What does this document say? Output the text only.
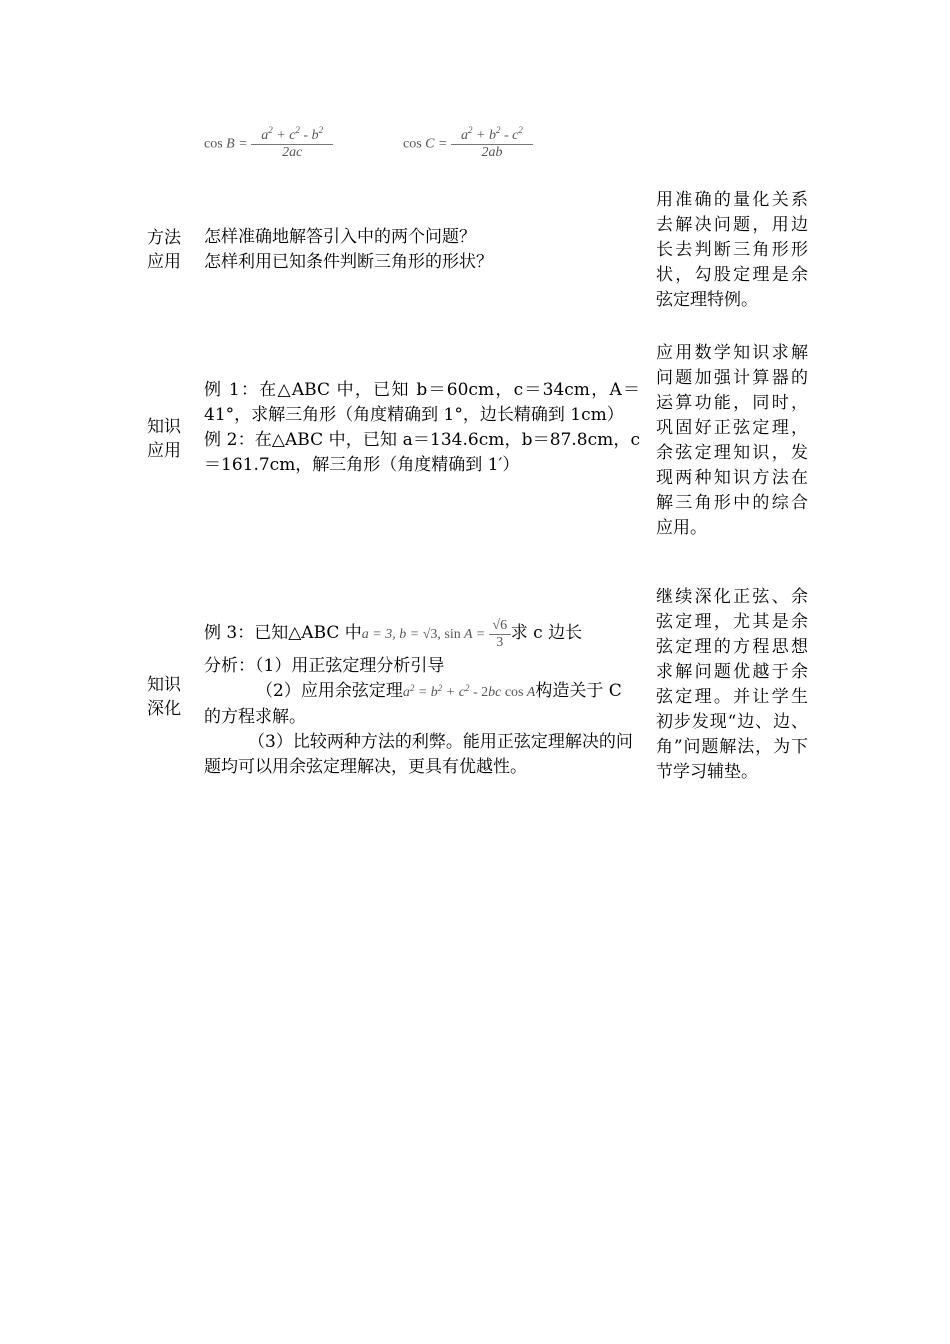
$\cos B = \frac{a^2 + c^2 - b^2}{2ac}$	$\cos C = \frac{a^2 + b^2 - c^2}{2ab}$
方法
应用
怎样准确地解答引入中的两个问题？
怎样利用已知条件判断三角形的形状？
用准确的量化关系去解决问题，用边长去判断三角形形状，勾股定理是余弦定理特例。
知识
应用
例 1：在△ABC 中，已知 b＝60cm，c＝34cm，A＝41°，求解三角形（角度精确到 1°，边长精确到 1cm）
例 2：在△ABC 中，已知 a＝134.6cm，b＝87.8cm，c＝161.7cm，解三角形（角度精确到 1′）
应用数学知识求解问题加强计算器的运算功能，同时，巩固好正弦定理，余弦定理知识，发现两种知识方法在解三角形中的综合应用。
知识
深化
例 3：已知△ABC 中a = 3, b = √3, $\sin A = \frac{√6}{3}$ 求 c 边长
分析：（1）用正弦定理分析引导
（2）应用余弦定理$a^2 = b^2 + c^2 - 2bc$ cos A构造关于 C 的方程求解。
（3）比较两种方法的利弊。能用正弦定理解决的问题均可以用余弦定理解决，更具有优越性。
继续深化正弦、余弦定理，尤其是余弦定理的方程思想求解问题优越于余弦定理。并让学生初步发现“边、边、角”问题解法，为下节学习辅垫。
